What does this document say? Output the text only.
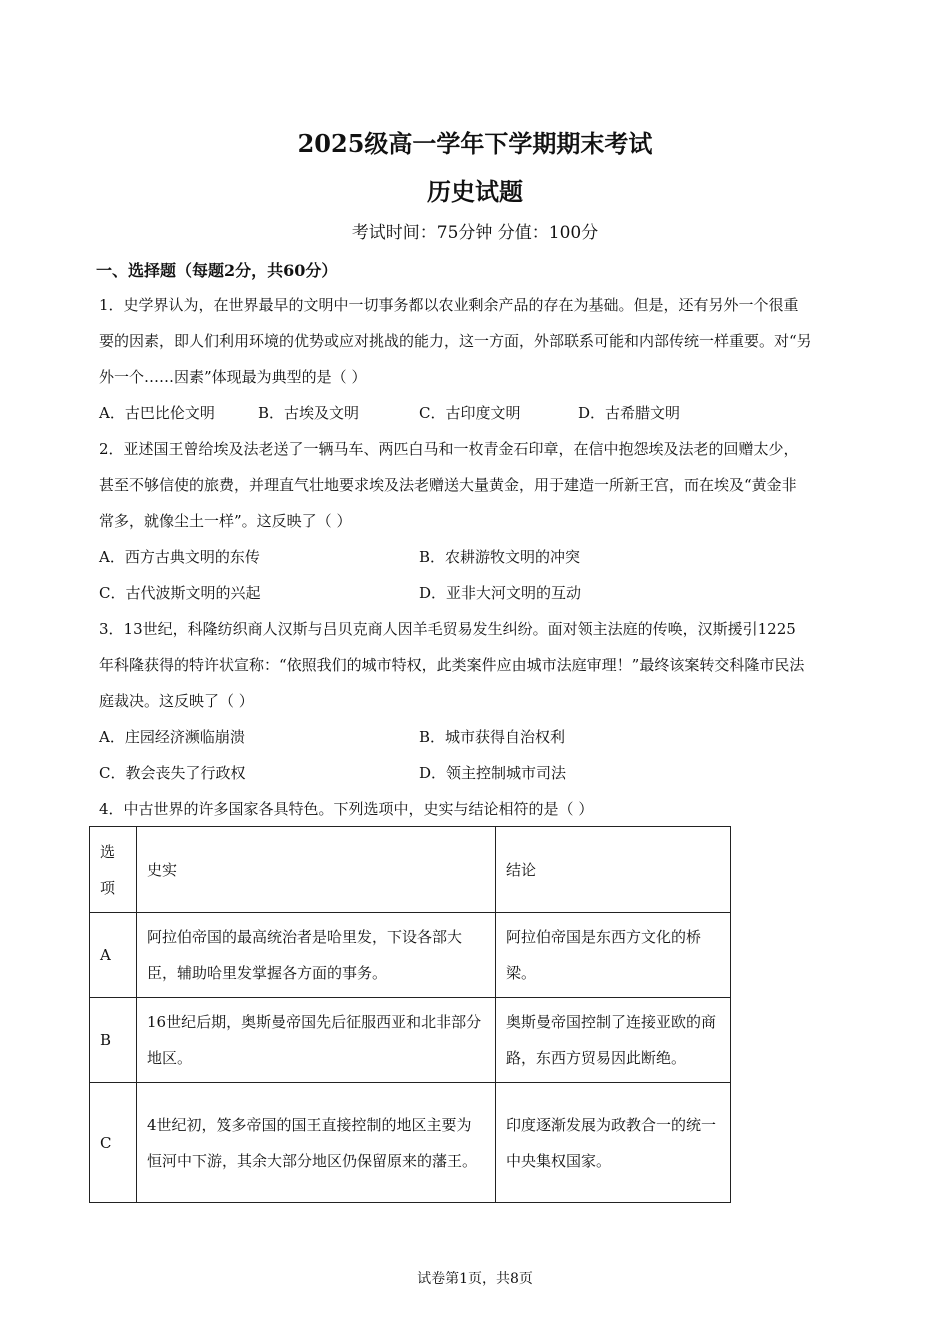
2025级高一学年下学期期末考试
历史试题
考试时间：75分钟 分值：100分
一、选择题（每题2分，共60分）
1．史学界认为，在世界最早的文明中一切事务都以农业剩余产品的存在为基础。但是，还有另外一个很重
要的因素，即人们利用环境的优势或应对挑战的能力，这一方面，外部联系可能和内部传统一样重要。对“另
外一个……因素”体现最为典型的是（ ）
A．古巴比伦文明	B．古埃及文明	C．古印度文明	D．古希腊文明
2．亚述国王曾给埃及法老送了一辆马车、两匹白马和一枚青金石印章，在信中抱怨埃及法老的回赠太少，
甚至不够信使的旅费，并理直气壮地要求埃及法老赠送大量黄金，用于建造一所新王宫，而在埃及“黄金非
常多，就像尘土一样”。这反映了（ ）
A．西方古典文明的东传	B．农耕游牧文明的冲突
C．古代波斯文明的兴起	D．亚非大河文明的互动
3．13世纪，科隆纺织商人汉斯与吕贝克商人因羊毛贸易发生纠纷。面对领主法庭的传唤，汉斯援引1225
年科隆获得的特许状宣称：“依照我们的城市特权，此类案件应由城市法庭审理！”最终该案转交科隆市民法
庭裁决。这反映了（ ）
A．庄园经济濒临崩溃	B．城市获得自治权利
C．教会丧失了行政权	D．领主控制城市司法
4．中古世界的许多国家各具特色。下列选项中，史实与结论相符的是（ ）
选项	史实	结论
A	阿拉伯帝国的最高统治者是哈里发，下设各部大臣，辅助哈里发掌握各方面的事务。	阿拉伯帝国是东西方文化的桥梁。
B	16世纪后期，奥斯曼帝国先后征服西亚和北非部分地区。	奥斯曼帝国控制了连接亚欧的商路，东西方贸易因此断绝。
C	4世纪初，笈多帝国的国王直接控制的地区主要为恒河中下游，其余大部分地区仍保留原来的藩王。	印度逐渐发展为政教合一的统一中央集权国家。
试卷第1页，共8页
